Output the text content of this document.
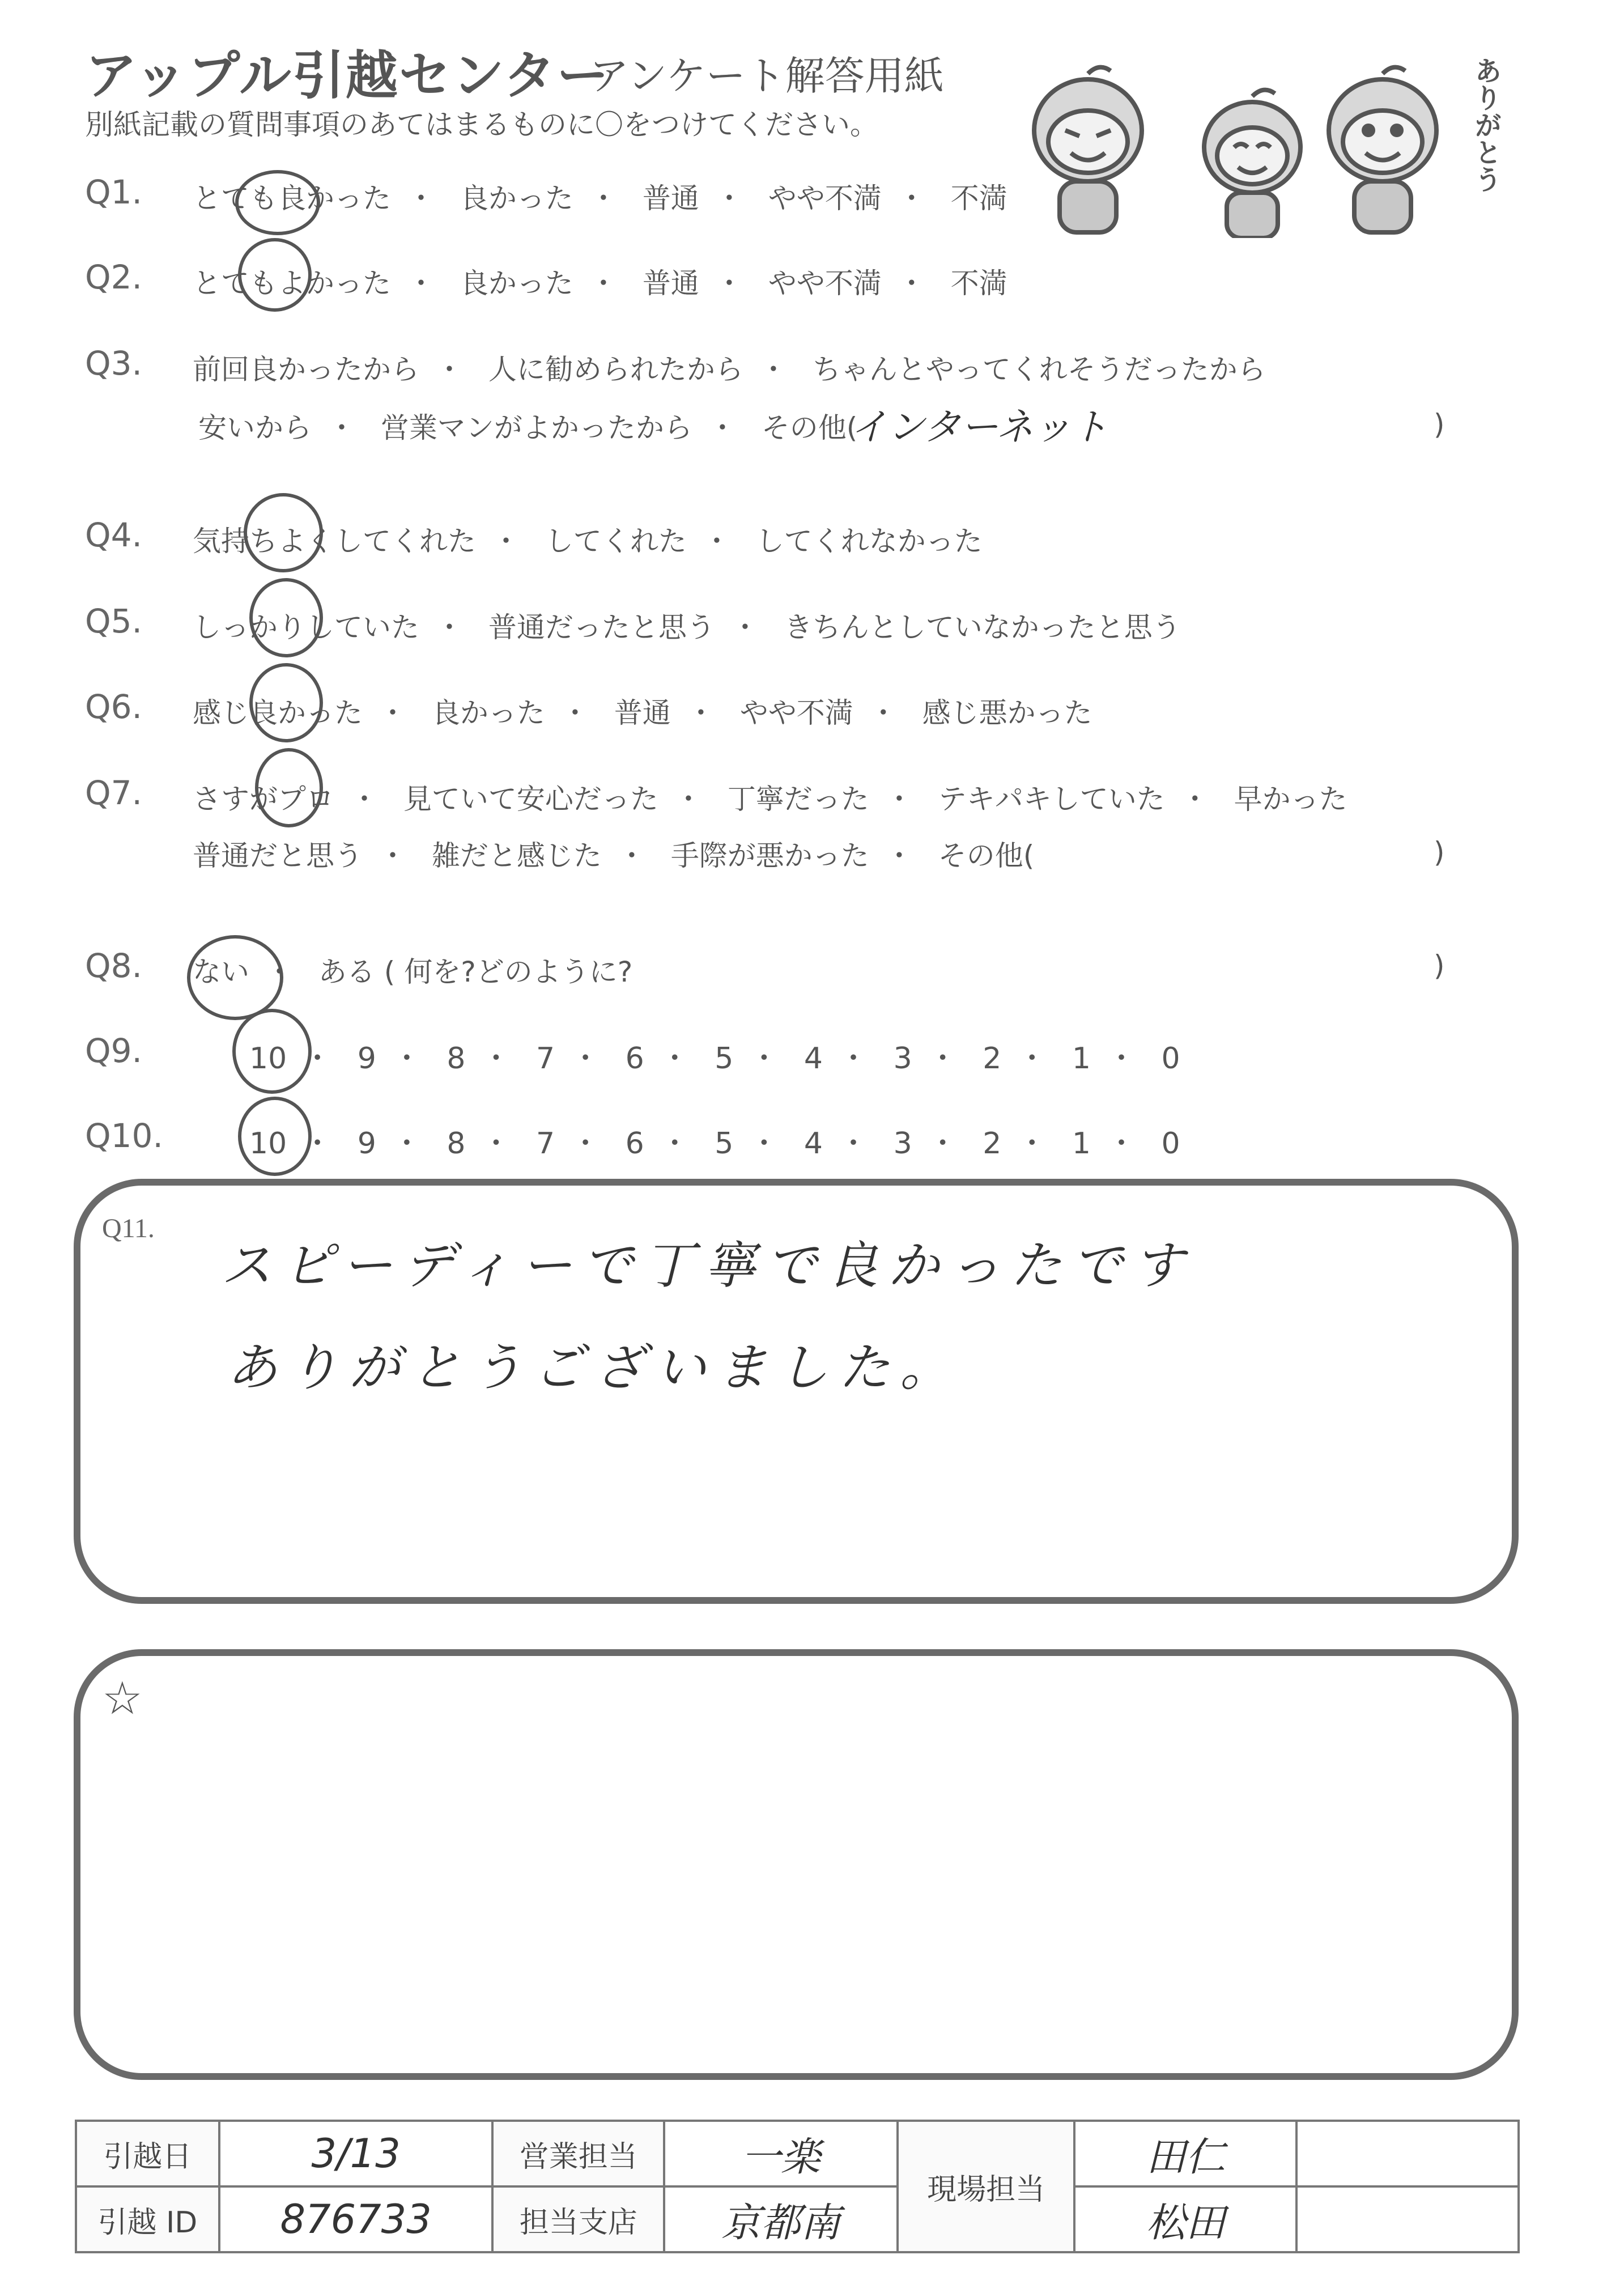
アップル引越センター
アンケート解答用紙
別紙記載の質問事項のあてはまるものに〇をつけてください。	ありがとう
Q1. とても良かった ・ 良かった ・ 普通 ・ やや不満 ・ 不満
Q2. とてもよかった ・ 良かった ・ 普通 ・ やや不満 ・ 不満
Q3. 前回良かったから ・ 人に勧められたから ・ ちゃんとやってくれそうだったから
安いから ・ 営業マンがよかったから ・ その他(
インターネット	)
Q4. 気持ちよくしてくれた ・ してくれた ・ してくれなかった
Q5. しっかりしていた ・ 普通だったと思う ・ きちんとしていなかったと思う
Q6. 感じ良かった ・ 良かった ・ 普通 ・ やや不満 ・ 感じ悪かった
Q7. さすがプロ ・ 見ていて安心だった ・ 丁寧だった ・ テキパキしていた ・ 早かった
普通だと思う ・ 雑だと感じた ・ 手際が悪かった ・ その他(	)
Q8. ない ・ ある ( 何を?どのように?	)
Q9.	10 ・ 9 ・ 8 ・ 7 ・ 6 ・ 5 ・ 4 ・ 3 ・ 2 ・ 1 ・ 0
Q10.	10 ・ 9 ・ 8 ・ 7 ・ 6 ・ 5 ・ 4 ・ 3 ・ 2 ・ 1 ・ 0
Q11.
スピーディーで丁寧で良かったです
ありがとうございました。
☆
引越日	3/13	営業担当	一楽	現場担当	田仁	
引越 ID	876733	担当支店	京都南		松田	
